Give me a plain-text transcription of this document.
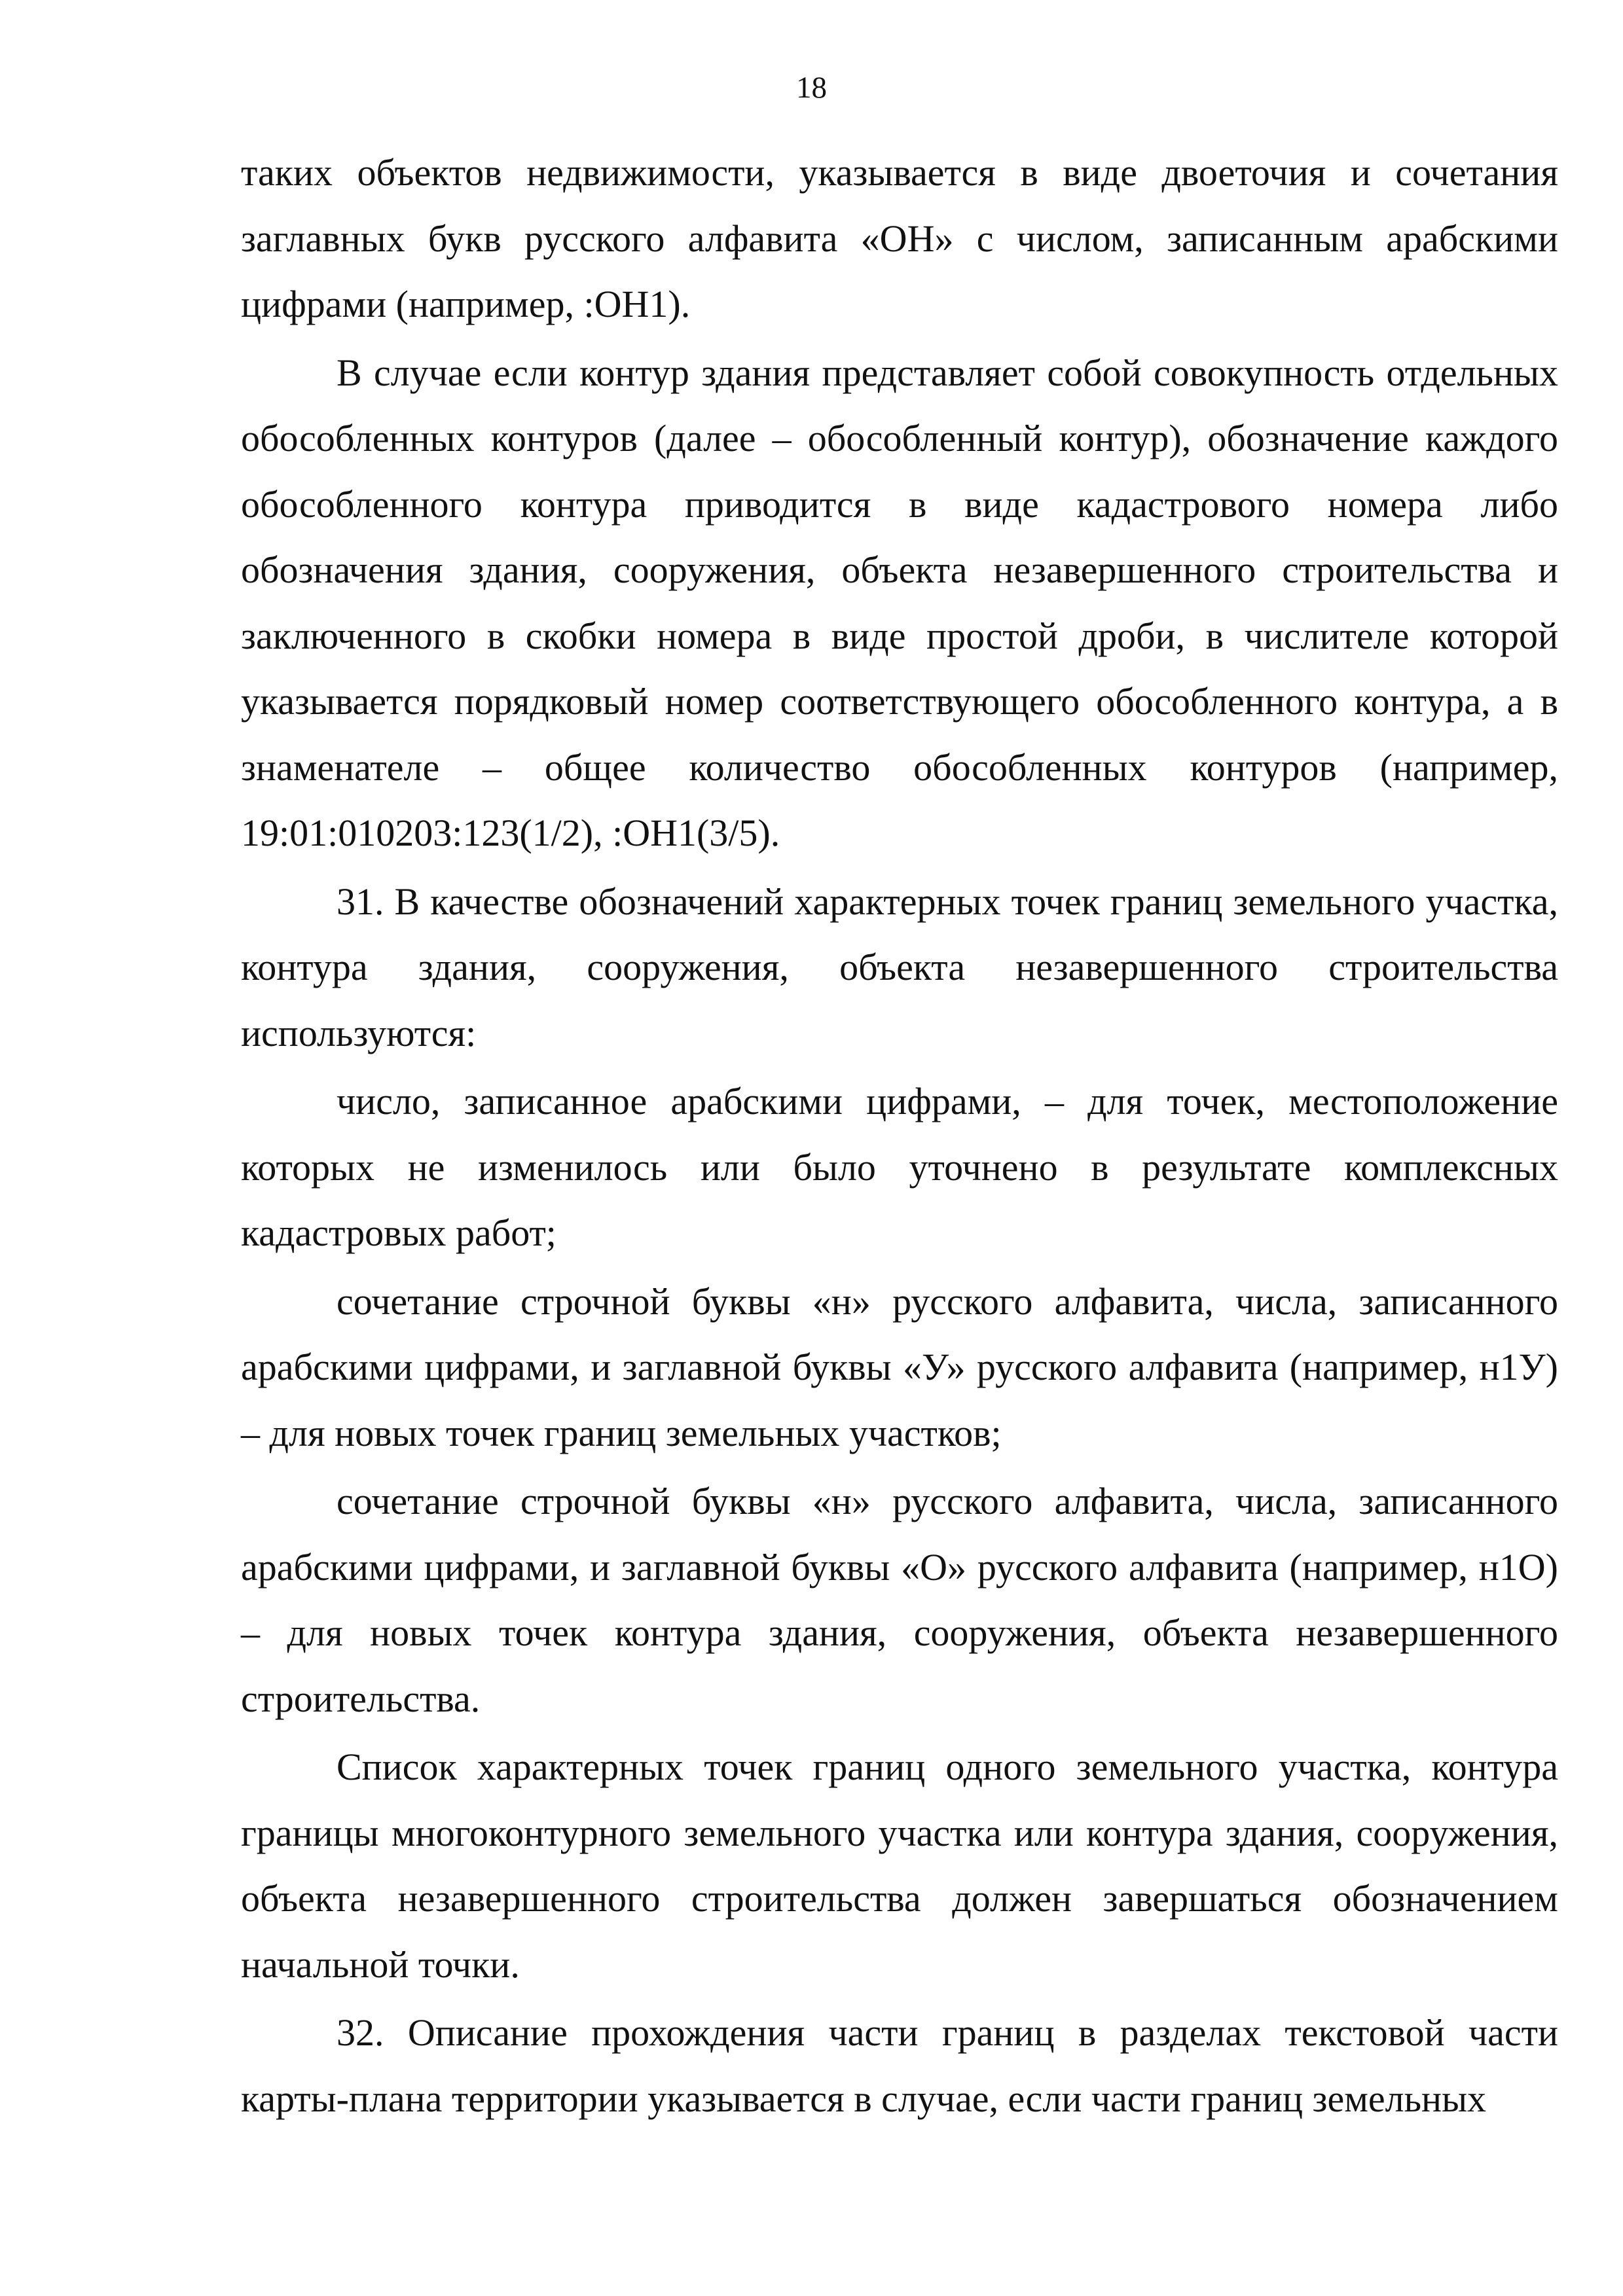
18

таких объектов недвижимости, указывается в виде двоеточия и сочетания заглавных букв русского алфавита «ОН» с числом, записанным арабскими цифрами (например, :ОН1).

В случае если контур здания представляет собой совокупность отдельных обособленных контуров (далее – обособленный контур), обозначение каждого обособленного контура приводится в виде кадастрового номера либо обозначения здания, сооружения, объекта незавершенного строительства и заключенного в скобки номера в виде простой дроби, в числителе которой указывается порядковый номер соответствующего обособленного контура, а в знаменателе – общее количество обособленных контуров (например, 19:01:010203:123(1/2), :ОН1(3/5).

31. В качестве обозначений характерных точек границ земельного участка, контура здания, сооружения, объекта незавершенного строительства используются:

число, записанное арабскими цифрами, – для точек, местоположение которых не изменилось или было уточнено в результате комплексных кадастровых работ;

сочетание строчной буквы «н» русского алфавита, числа, записанного арабскими цифрами, и заглавной буквы «У» русского алфавита (например, н1У) – для новых точек границ земельных участков;

сочетание строчной буквы «н» русского алфавита, числа, записанного арабскими цифрами, и заглавной буквы «О» русского алфавита (например, н1О) – для новых точек контура здания, сооружения, объекта незавершенного строительства.

Список характерных точек границ одного земельного участка, контура границы многоконтурного земельного участка или контура здания, сооружения, объекта незавершенного строительства должен завершаться обозначением начальной точки.

32. Описание прохождения части границ в разделах текстовой части карты-плана территории указывается в случае, если части границ земельных
